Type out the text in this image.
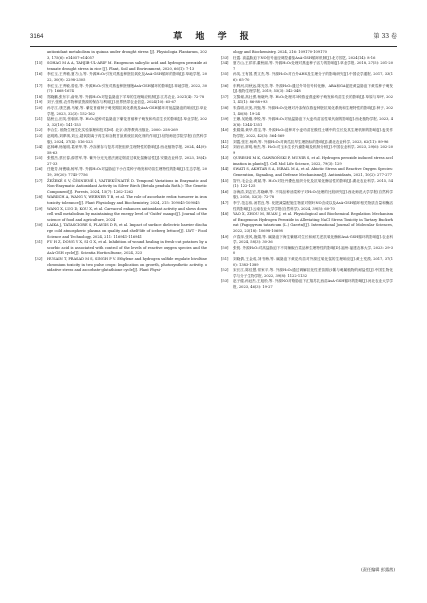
3164	草 地 学 报	第 33 卷

antioxidant metabolism in quinoa under drought stress [J]. Physiologia Plantarum, 2023, 175(6): e14057-e14057

[15] SOHAG M A A, TAHJIB-UL-ARIF M. Exogenous salicylic acid and hydrogen peroxide attenuate drought stress in rice [J]. Plant, Soil and Environment, 2020, 66(1): 7-13

[16] 李红玉,王秀敏,夏方山,等. 外源H₂O₂引发对燕麦种胚抗氧化及AsA-GSH循环的影响[J].草地学报, 2022, 30(9): 2298-2305

[17] 李红玉,王秀敏,曾佳,等. 外源H₂O₂引发对燕麦种胚细胞AsA-GSH循环的影响[J].草地学报, 2022, 30(7): 1668-1674

[18] 郑晓鹏,张东宇,俞荣,等. 外源H₂O₂对复盐胁迫下羊草的生理响应机制[J].江苏农业, 2021(4): 72-78

[19] 刘子,张维,农作物种质资源的保存与利用[J].世界热带农业信息, 2024(10): 65-67

[20] 孙守江,康芝涵,马敏,等. 紫花苜蓿种子萌发期抗氧化系统及AsA-GSH循环对低温胁迫的响应[J].草业学报, 2023, 32(3): 152-162

[21] 陆秋云,田英,张朝沐,等. H₂O₂浸种对盐胁迫下紫花苜蓿种子萌发和幼苗生长的影响[J].草业学报, 2023, 32(10): 141-153

[22] 李合生. 植物生理生化实验原理和技术[M]. 北京:高等教育出版社, 2000: 258-269

[23] 赵明路,刘夢琪,刘云,超氧阴离子再生和谷胱甘肽系统抗氧化剂的作用[J].信阳师范学院学报(自然科学版), 2024, 37(4): 516-523

[24] 赵林峰,杨旭明,葛荣华,等. 冷冻保存与复苏对胚组织生理特性的影响[J].西北植物学报, 2024, 44(9): 58-63

[25] 张银杰,蔡长春,薛景军,等. 紫外分光光度法测定烟苗过氧化氢酶活性[J].安徽农业科学, 2023, 18(4): 27-33

[26] 任艳芳,何俊瑜,杨军,等. 外源H₂O₂对盐胁迫下小白菜种子萌发和幼苗生理特性的影响[J].生态学报, 2019, 39(20): 7745-7756

[27] ŽEŽEKÉ S V, ČĖSNIENĖ I, VAITIEKŪNAITĖ D. Temporal Variations in Enzymatic and Non-Enzymatic Antioxidant Activity in Silver Birch (Betula pendula Roth.): The Genetic Component[J]. Forests, 2024, 15(7): 1262-1262

[28] WARIICH A, WANG Y, WERNER T B, et al. The role of ascorbate redox turnover in iron toxicity tolerance[J]. Plant Physiology and Biochemistry, 2024, 215: 109045-109045

[29] WANG X, LUO D, KOU X, et al. Carvacrol enhances antioxidant activity and slows down cell wall metabolism by maintaining the energy level of 'Guifei' mango[J]. Journal of the science of food and agriculture, 2024

[30] LAIKA J, TATASCIORE S, FLAVIIS D R, et al. Impact of surface dielectric barrier discharge cold atmospheric plasma on quality and shelf-life of iceberg lettuce[J]. LWT - Food Science and Technology, 2024, 211: 116941-116941

[31] FU H Z, DONG Y X, SI G X, et al. Inhibition of wound healing in fresh-cut potatoes by ascorbic acid is associated with control of the levels of reactive oxygen species and the AsA-GSH cycle[J]. Scientia Horticulturae, 2024, 323

[32] HUSAIN T, PRASAD M S, SINGH P V. Ethylene and hydrogen sulfide regulate bivoltine chromium toxicity in two pulse crops: Implication on growth, photosynthetic activity, oxidative stress and ascorbate-glutathione cycle[J]. Plant Physi-

ology and Biochemistry, 2024, 216: 109170-109170

[33] 杜霞. 高温胁迫下NO信号途径调控番茄AsA-GSH循环机制[J].北方园艺, 2024(14): 8-16

[34] 夏方山,王祥祥,董秋丽,等. 外源H₂O₂处理对燕麦种子活力的影响[J].草业学报, 2018, 27(5): 201-207

[35] 孙英,王有国,贾文杰,等. 外源H₂O₂对白介AHS及生理分子的影响研究[J].中国农学通报, 2017, 33(16): 65-70

[36] 东利河,同秋远,陈光芳,等. 外源H₂O₂通过介导信号转化酶、ABA和GA促进黄益胁迫下黄瓜种子萌发[J].植物生理学报, 2019, 55(3): 342-348

[37] 文黎倾,高壮勇,杨晓玲,等. H₂O₂处理对3种燕麦燕麦种子萌发和幼苗生长的影响[J].草原与草坪, 2021, 41(1): 86-88+93

[38] 朱春明,庆美,冯甄,等. 外源H₂O₂处理对冷冻保存燕麦种胚抗氧化系统和生理特性的影响[J].种子, 2021, 40(8): 19-24

[39] 王姗,吴艳刚,李锐,等. 外源H₂O₂对低温胁迫下大麦幼苗活性氧代谢的影响[J].西北植物学报, 2023, 43(8): 1344-1351

[40] 张娟娟,黄华,郑宝,等. 外源H₂O₂浸种对小麦幼苗在酸性土壤中的生长及其生理机制的影响[J].麦类作物学报, 2022, 42(5): 564-569

[41] 刘霞,张宏,杨琦,等. 外源H₂O₂对黄瓜抗旱生理指标的影响[J].湖北农业科学, 2023, 62(11): 89-96

[42] 刘岩岩,常明,杨杰,等. H₂O₂对玉米生长代谢影响及机制分析[J].中国农业科学, 2023, 29(6): 202-209

[43] QURESHI M K, GAWROŃSKI P, MUNIR S, et al. Hydrogen peroxide induced stress acclimation in plants[J]. Cell Mol Life Science, 2022, 79(3): 129

[44] SWATI S, AKHTAR S A, ISRAIL M A, et al. Abiotic Stress and Reactive Oxygen Species: Generation, Signaling, and Defense Mechanisms[J]. Antioxidants, 2021, 10(2): 277-277

[45] 智升,毛会会,黄斌,等. H₂O₂对牡丹叠色组织分化及抗氧化酶活性的影响[J].湖北农业科学, 2015, 54(1): 122-125

[46] 谷海清,刘志宏,苏晓峰,等. 不同品种油菜种子对H₂O₂处理的比较研究[J].西北师范大学学报(自然科学版), 2016, 52(3): 72-78

[47] 李宁,范志伟,汤君良,等. 化肥减量配施生物质对烟叶NO含成以及AsA-GSH循环相关物质含量和酶活性的影响[J].云南农业大学学报(自然科学), 2024, 39(5): 60-70

[48] YAO X, ZHOU M, RUAN J, et al. Physiological and Biochemical Regulation Mechanism of Exogenous Hydrogen Peroxide in Alleviating NaCl Stress Toxicity in Tartary Buckwheat (Fagopyrum tataricum (L.) Gaertn)[J]. International Journal of Molecular Sciences, 2022, 23(18): 10698-10698

[49] 卢春萍,张风,施娟,等. 碱胁迫下海生紫娜对生长和耐尤老抗氧化酶和AsA-GSH循环的影响[J].农业科学, 2024, 58(3): 30-36

[50] 张锐. 外源H₂O₂对高盐胁迫下不同辣椒白菜品种生理特性的影响[D].福州:福建农林大学, 2023: 29-30

[51] 刘晓倩,王金成,刘书梅,等. 碱胁迫下黄花幼苗对外源过氧化氢的生理响应[J].黄土荒漠, 2017, 37(10): 1383-1389

[52] 宋长江,陈佳慧,常家平,等. 外源H₂O₂通过调解抗化性差苗期沙薯与萌属植物的耐盐性[J].中国生物化学与分子生物学报, 2022, 39(8): 1122-1132

[53] 赵子健,孙冠杰,王旭松,等. 外源NO对铬胁迫下汇翔苏扎西苗AsA-GSH循环的影响[J].河北农业大学学报, 2023, 46(3): 19-27

(责任编辑 彭露茜)
